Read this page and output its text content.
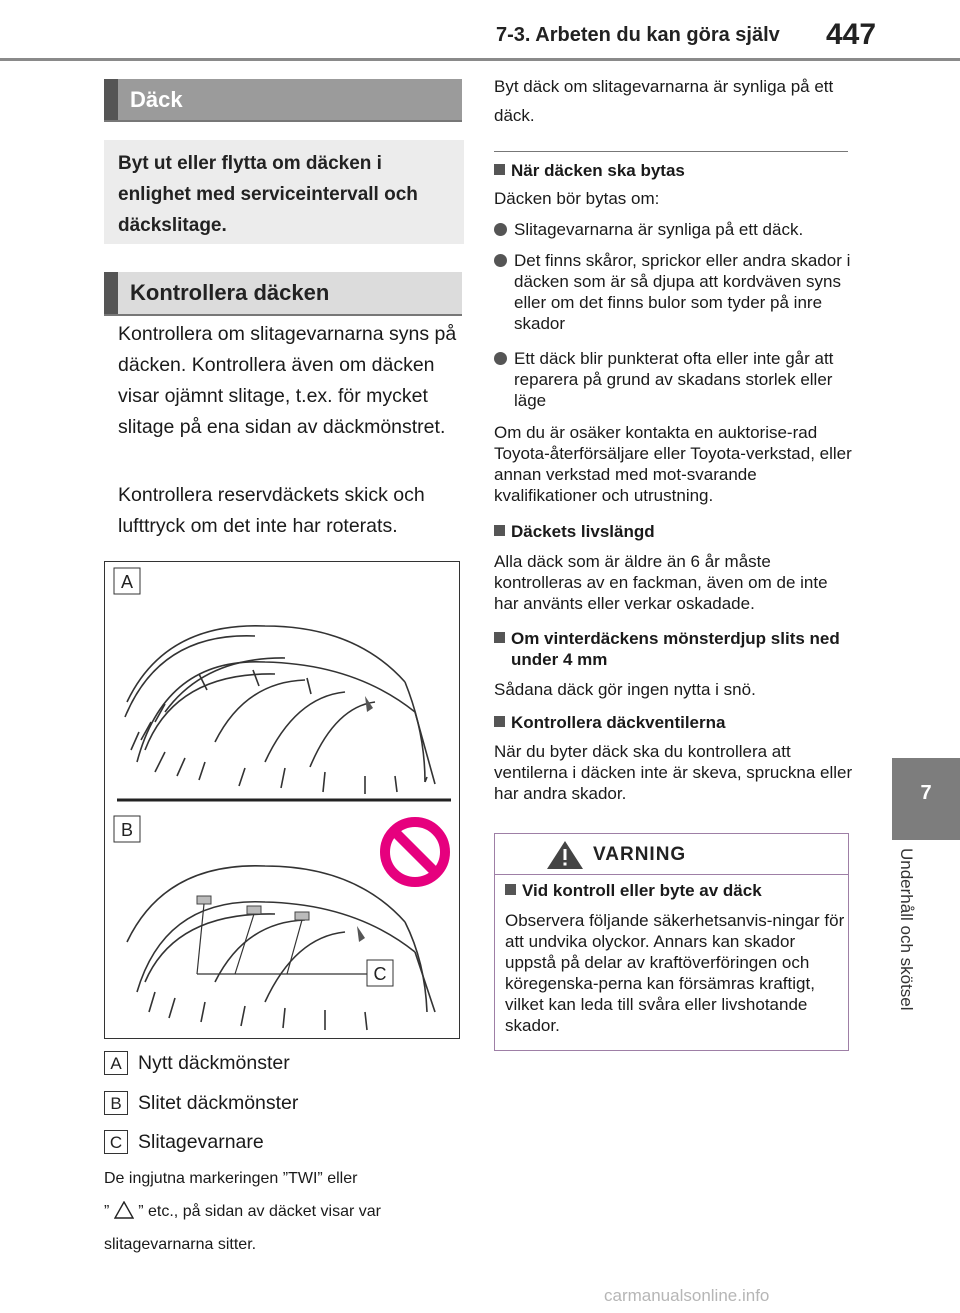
7-3. Arbeten du kan göra själv 447
7
Underhåll och skötsel
Däck
Byt ut eller flytta om däcken i enlighet med serviceintervall och däckslitage.
Kontrollera däcken

Kontrollera om slitagevarnarna syns på däcken. Kontrollera även om däcken visar ojämnt slitage, t.ex. för mycket slitage på ena sidan av däckmönstret.

Kontrollera reservdäckets skick och lufttryck om det inte har roterats.

A
B
C
A Nytt däckmönster
B Slitet däckmönster
C Slitagevarnare
De ingjutna markeringen ”TWI” eller
” ” etc., på sidan av däcket visar var
slitagevarnarna sitter.
Byt däck om slitagevarnarna är synliga på ett däck.
När däcken ska bytas

Däcken bör bytas om:

Slitagevarnarna är synliga på ett däck.
Det finns skåror, sprickor eller andra skador i däcken som är så djupa att kordväven syns eller om det finns bulor som tyder på inre skador
Ett däck blir punkterat ofta eller inte går att reparera på grund av skadans storlek eller läge

Om du är osäker kontakta en auktorise-rad Toyota-återförsäljare eller Toyota-verkstad, eller annan verkstad med mot-svarande kvalifikationer och utrustning.

Däckets livslängd

Alla däck som är äldre än 6 år måste kontrolleras av en fackman, även om de inte har använts eller verkar oskadade.

Om vinterdäckens mönsterdjup slits ned under 4 mm

Sådana däck gör ingen nytta i snö.

Kontrollera däckventilerna

När du byter däck ska du kontrollera att ventilerna i däcken inte är skeva, spruckna eller har andra skador.

VARNING
Vid kontroll eller byte av däck
Observera följande säkerhetsanvis-ningar för att undvika olyckor. Annars kan skador uppstå på delar av kraftöverföringen och köregenska-perna kan försämras kraftigt, vilket kan leda till svåra eller livshotande skador.
carmanualsonline.info
